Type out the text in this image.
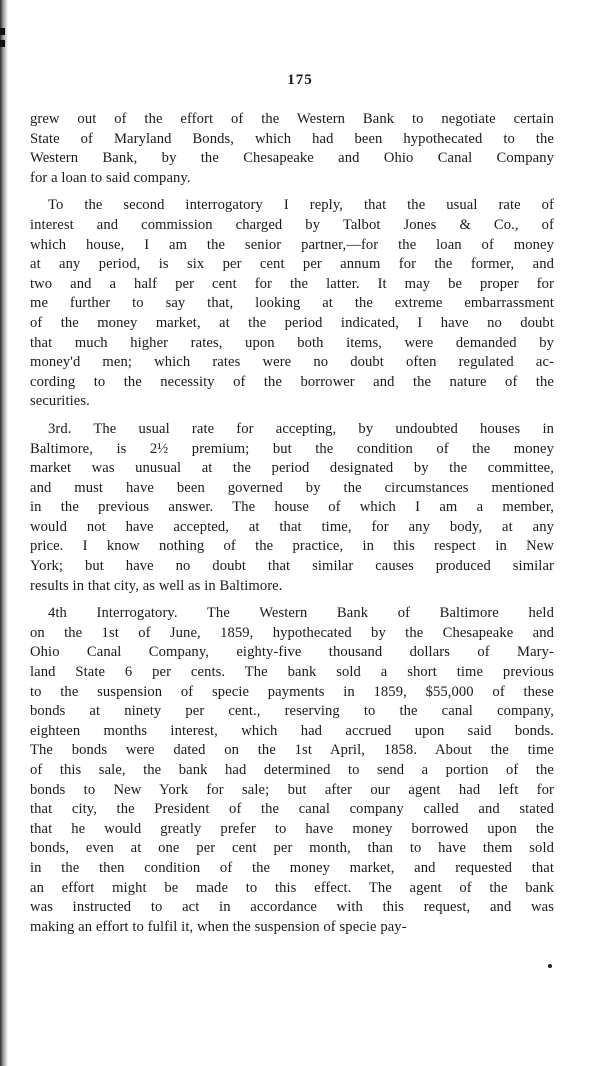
175
grew out of the effort of the Western Bank to negotiate certain
State of Maryland Bonds, which had been hypothecated to the
Western Bank, by the Chesapeake and Ohio Canal Company
for a loan to said company.
To the second interrogatory I reply, that the usual rate of
interest and commission charged by Talbot Jones & Co., of
which house, I am the senior partner,—for the loan of money
at any period, is six per cent per annum for the former, and
two and a half per cent for the latter. It may be proper for
me further to say that, looking at the extreme embarrassment
of the money market, at the period indicated, I have no doubt
that much higher rates, upon both items, were demanded by
money'd men; which rates were no doubt often regulated ac-
cording to the necessity of the borrower and the nature of the
securities.
3rd. The usual rate for accepting, by undoubted houses in
Baltimore, is 2½ premium; but the condition of the money
market was unusual at the period designated by the committee,
and must have been governed by the circumstances mentioned
in the previous answer. The house of which I am a member,
would not have accepted, at that time, for any body, at any
price. I know nothing of the practice, in this respect in New
York; but have no doubt that similar causes produced similar
results in that city, as well as in Baltimore.
4th Interrogatory. The Western Bank of Baltimore held
on the 1st of June, 1859, hypothecated by the Chesapeake and
Ohio Canal Company, eighty-five thousand dollars of Mary-
land State 6 per cents. The bank sold a short time previous
to the suspension of specie payments in 1859, $55,000 of these
bonds at ninety per cent., reserving to the canal company,
eighteen months interest, which had accrued upon said bonds.
The bonds were dated on the 1st April, 1858. About the time
of this sale, the bank had determined to send a portion of the
bonds to New York for sale; but after our agent had left for
that city, the President of the canal company called and stated
that he would greatly prefer to have money borrowed upon the
bonds, even at one per cent per month, than to have them sold
in the then condition of the money market, and requested that
an effort might be made to this effect. The agent of the bank
was instructed to act in accordance with this request, and was
making an effort to fulfil it, when the suspension of specie pay-
